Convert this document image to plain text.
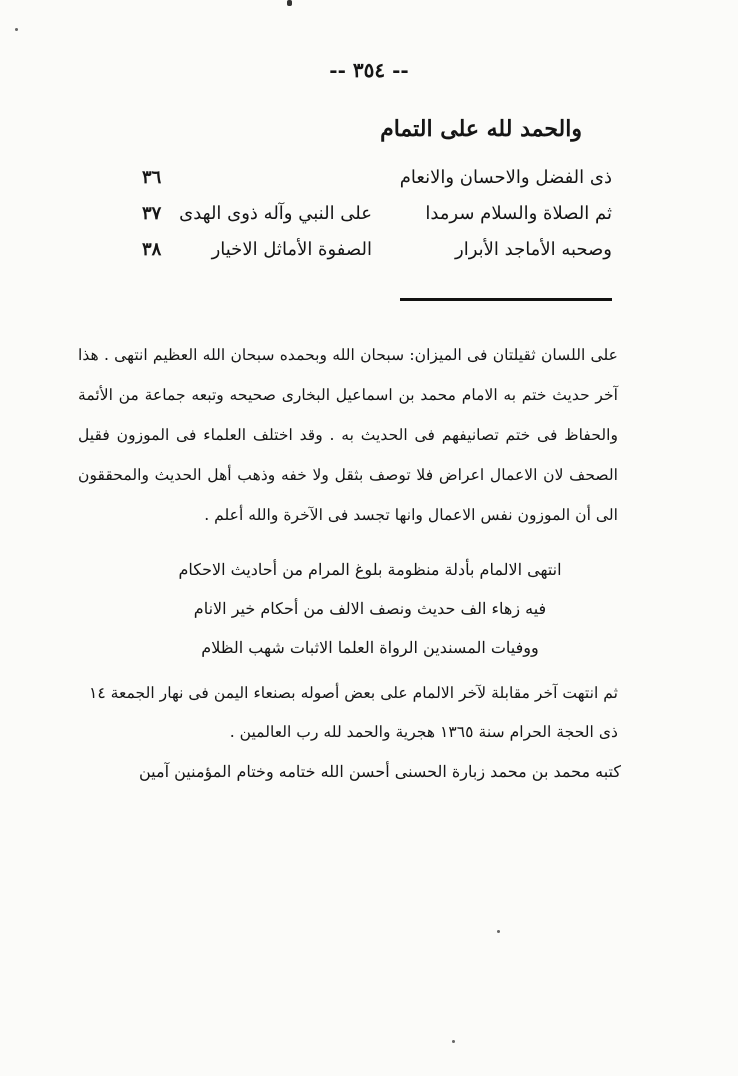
-- ٣٥٤ --
والحمد لله على التمام
ذى الفضل والاحسان والانعام
٣٦
ثم الصلاة والسلام سرمدا
على النبي وآله ذوى الهدى
٣٧
وصحبه الأماجد الأبرار
الصفوة الأماثل الاخيار
٣٨

على اللسان ثقيلتان فى الميزان: سبحان الله وبحمده سبحان الله العظيم انتهى . هذا آخر حديث ختم به الامام محمد بن اسماعيل البخارى صحيحه وتبعه جماعة من الأئمة والحفاظ فى ختم تصانيفهم فى الحديث به . وقد اختلف العلماء فى الموزون فقيل الصحف لان الاعمال اعراض فلا توصف بثقل ولا خفه وذهب أهل الحديث والمحققون الى أن الموزون نفس الاعمال وانها تجسد فى الآخرة والله أعلم .

انتهى الالمام بأدلة منظومة بلوغ المرام من أحاديث الاحكام
فيه زهاء الف حديث ونصف الالف من أحكام خير الانام
ووفيات المسندين الرواة العلما الاثبات شهب الظلام

ثم انتهت آخر مقابلة لآخر الالمام على بعض أصوله بصنعاء اليمن فى نهار الجمعة ١٤ ذى الحجة الحرام سنة ١٣٦٥ هجرية والحمد لله رب العالمين .

كتبه محمد بن محمد زبارة الحسنى أحسن الله ختامه وختام المؤمنين آمين
